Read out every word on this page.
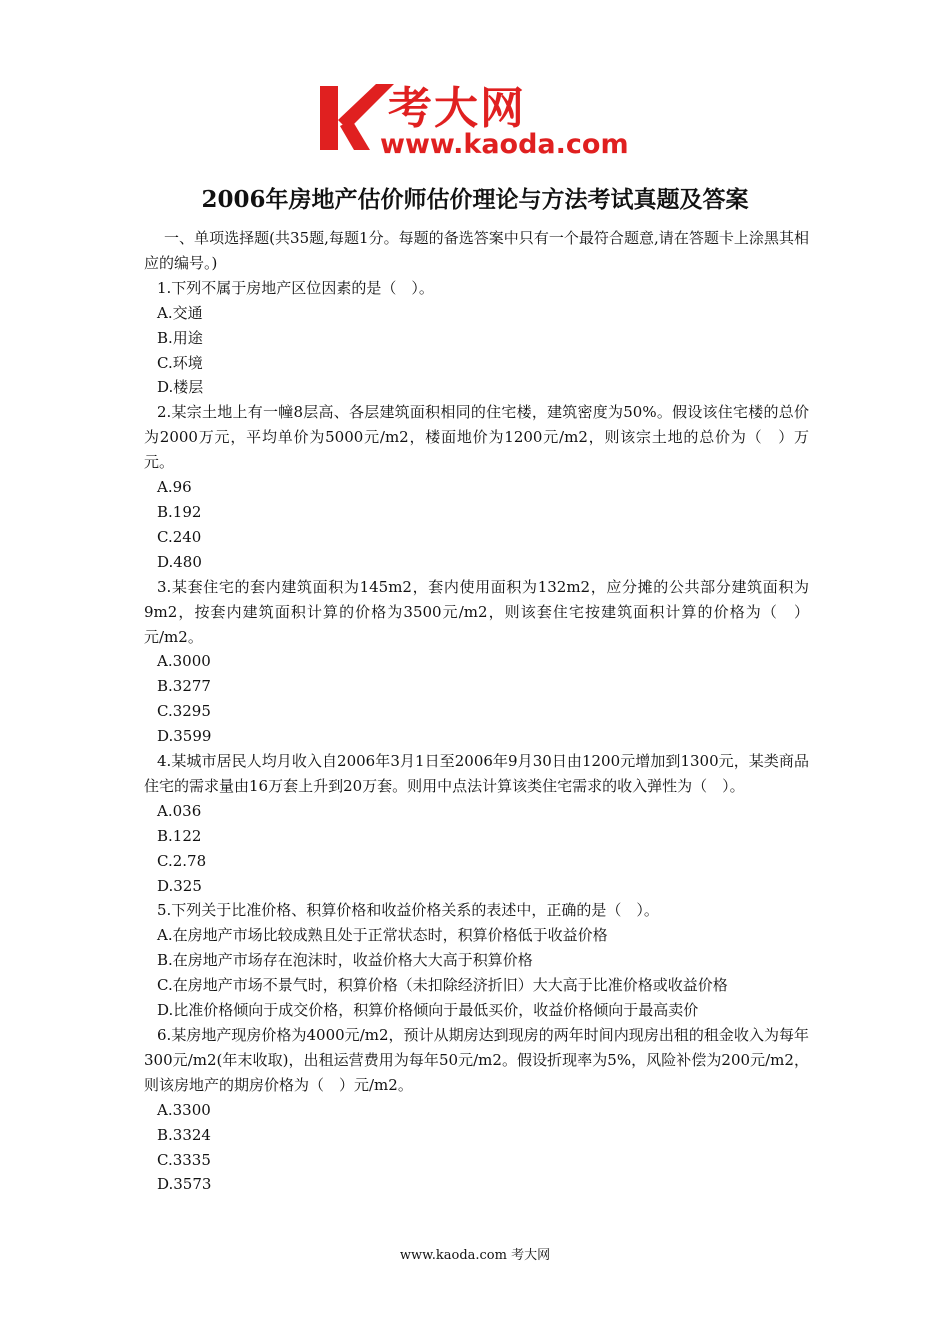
考大网
www.kaoda.com
2006年房地产估价师估价理论与方法考试真题及答案

一、单项选择题(共35题,每题1分。每题的备选答案中只有一个最符合题意,请在答题卡上涂黑其相应的编号。)

1.下列不属于房地产区位因素的是（　）。

A.交通

B.用途

C.环境

D.楼层

2.某宗土地上有一幢8层高、各层建筑面积相同的住宅楼，建筑密度为50%。假设该住宅楼的总价为2000万元，平均单价为5000元/m2，楼面地价为1200元/m2，则该宗土地的总价为（　）万元。

A.96

B.192

C.240

D.480

3.某套住宅的套内建筑面积为145m2，套内使用面积为132m2，应分摊的公共部分建筑面积为9m2，按套内建筑面积计算的价格为3500元/m2，则该套住宅按建筑面积计算的价格为（　）元/m2。

A.3000

B.3277

C.3295

D.3599

4.某城市居民人均月收入自2006年3月1日至2006年9月30日由1200元增加到1300元，某类商品住宅的需求量由16万套上升到20万套。则用中点法计算该类住宅需求的收入弹性为（　）。

A.036

B.122

C.2.78

D.325

5.下列关于比准价格、积算价格和收益价格关系的表述中，正确的是（　）。

A.在房地产市场比较成熟且处于正常状态时，积算价格低于收益价格

B.在房地产市场存在泡沫时，收益价格大大高于积算价格

C.在房地产市场不景气时，积算价格（未扣除经济折旧）大大高于比准价格或收益价格

D.比准价格倾向于成交价格，积算价格倾向于最低买价，收益价格倾向于最高卖价

6.某房地产现房价格为4000元/m2，预计从期房达到现房的两年时间内现房出租的租金收入为每年300元/m2(年末收取)，出租运营费用为每年50元/m2。假设折现率为5%，风险补偿为200元/m2，则该房地产的期房价格为（　）元/m2。

A.3300

B.3324

C.3335

D.3573

www.kaoda.com 考大网
